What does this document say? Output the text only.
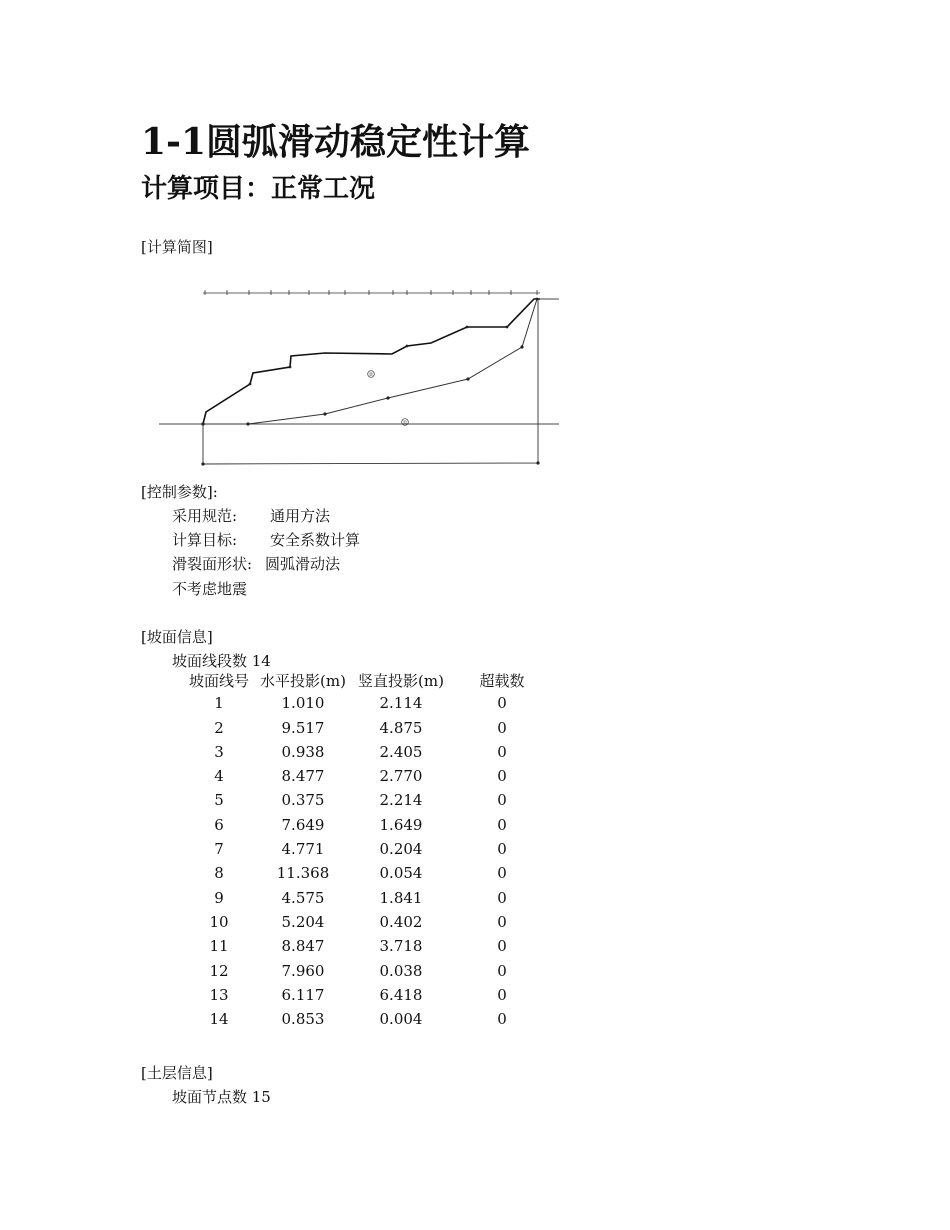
1-1圆弧滑动稳定性计算
计算项目：正常工况
[计算简图]
②
①
[控制参数]:
采用规范: 通用方法
计算目标: 安全系数计算
滑裂面形状: 圆弧滑动法
不考虑地震
[坡面信息]
坡面线段数 14
坡面线号 水平投影(m) 竖直投影(m)	超载数
1	1.010	2.114	0
2	9.517	4.875	0
3	0.938	2.405	0
4	8.477	2.770	0
5	0.375	2.214	0
6	7.649	1.649	0
7	4.771	0.204	0
8	11.368	0.054	0
9	4.575	1.841	0
10	5.204	0.402	0
11	8.847	3.718	0
12	7.960	0.038	0
13	6.117	6.418	0
14	0.853	0.004	0
[土层信息]
坡面节点数 15
